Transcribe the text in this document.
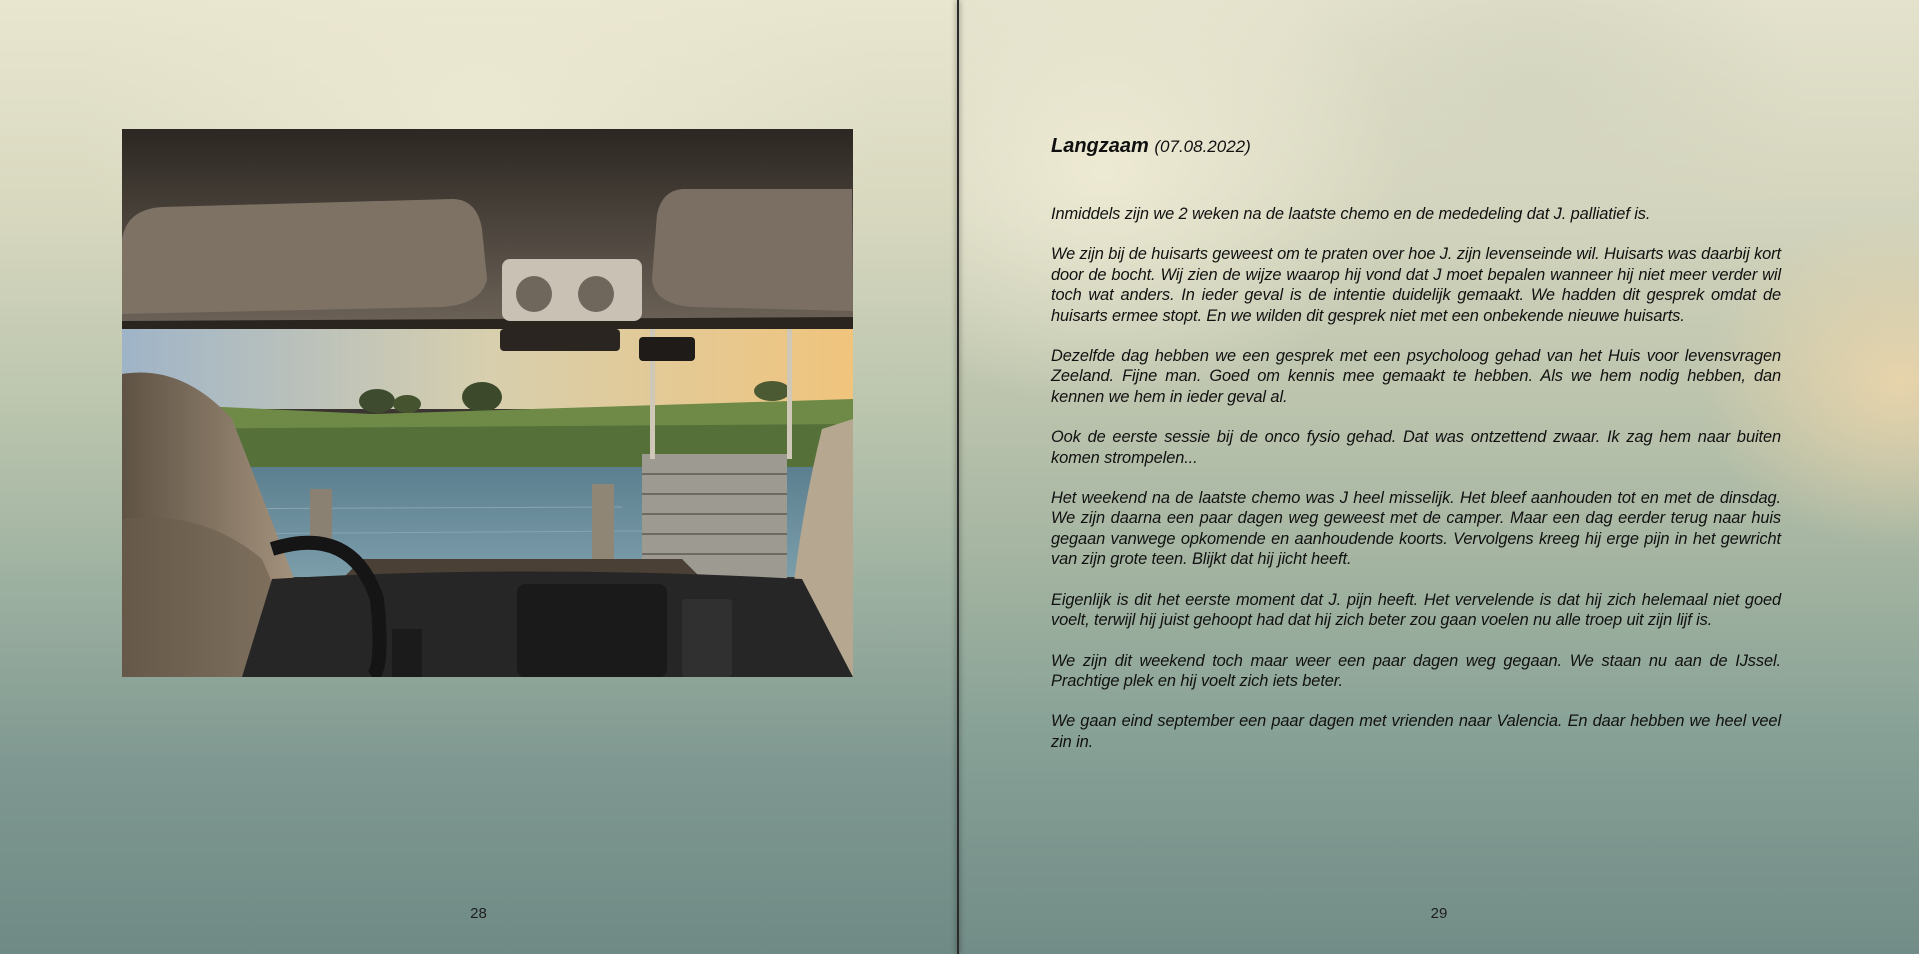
28

Langzaam (07.08.2022)

Inmiddels zijn we 2 weken na de laatste chemo en de mededeling dat J. palliatief is.

We zijn bij de huisarts geweest om te praten over hoe J. zijn levenseinde wil. Huisarts was daarbij kort door de bocht. Wij zien de wijze waarop hij vond dat J moet bepalen wanneer hij niet meer verder wil toch wat anders. In ieder geval is de intentie duidelijk gemaakt. We hadden dit gesprek omdat de huisarts ermee stopt. En we wilden dit gesprek niet met een onbekende nieuwe huisarts.

Dezelfde dag hebben we een gesprek met een psycholoog gehad van het Huis voor levensvragen Zeeland. Fijne man. Goed om kennis mee gemaakt te hebben. Als we hem nodig hebben, dan kennen we hem in ieder geval al.

Ook de eerste sessie bij de onco fysio gehad. Dat was ontzettend zwaar. Ik zag hem naar buiten komen strompelen...

Het weekend na de laatste chemo was J heel misselijk. Het bleef aanhouden tot en met de dinsdag. We zijn daarna een paar dagen weg geweest met de camper. Maar een dag eerder terug naar huis gegaan vanwege opkomende en aanhoudende koorts. Vervolgens kreeg hij erge pijn in het gewricht van zijn grote teen. Blijkt dat hij jicht heeft.

Eigenlijk is dit het eerste moment dat J. pijn heeft. Het vervelende is dat hij zich helemaal niet goed voelt, terwijl hij juist gehoopt had dat hij zich beter zou gaan voelen nu alle troep uit zijn lijf is.

We zijn dit weekend toch maar weer een paar dagen weg gegaan. We staan nu aan de IJssel. Prachtige plek en hij voelt zich iets beter.

We gaan eind september een paar dagen met vrienden naar Valencia. En daar hebben we heel veel zin in.

29
